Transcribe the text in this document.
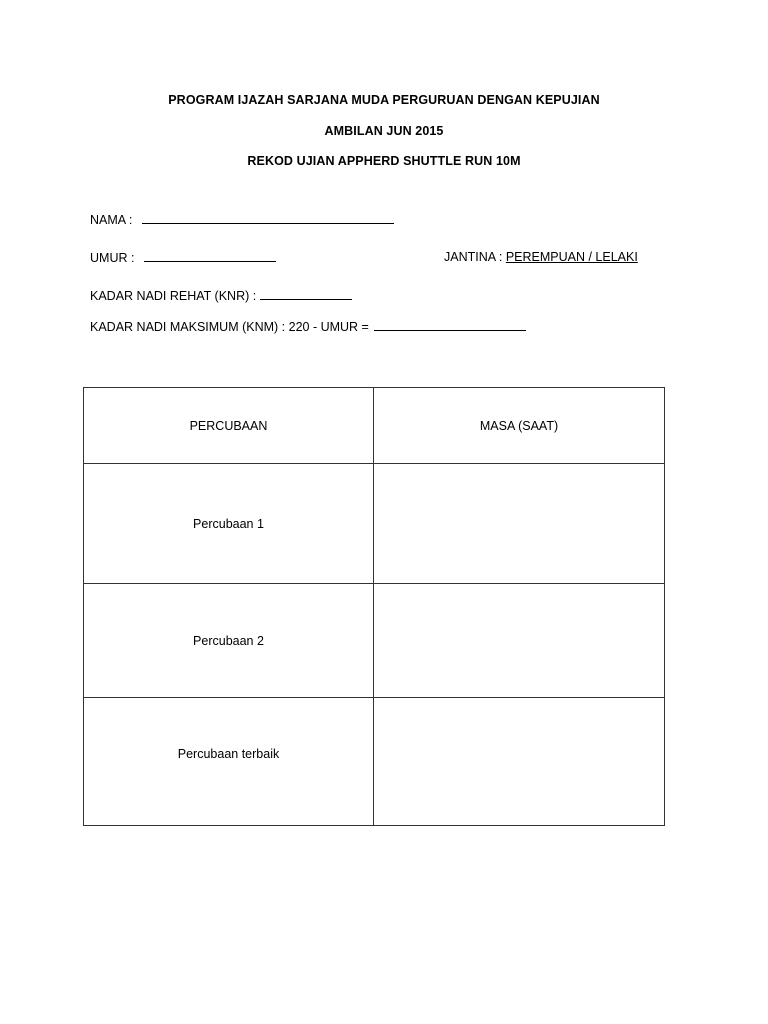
PROGRAM IJAZAH SARJANA MUDA PERGURUAN DENGAN KEPUJIAN
AMBILAN JUN 2015
REKOD UJIAN APPHERD SHUTTLE RUN 10M
NAMA :
UMUR :	JANTINA : PEREMPUAN / LELAKI
KADAR NADI REHAT (KNR) :
KADAR NADI MAKSIMUM (KNM) : 220 - UMUR =
PERCUBAAN	MASA (SAAT)
Percubaan 1	
Percubaan 2	
Percubaan terbaik	
